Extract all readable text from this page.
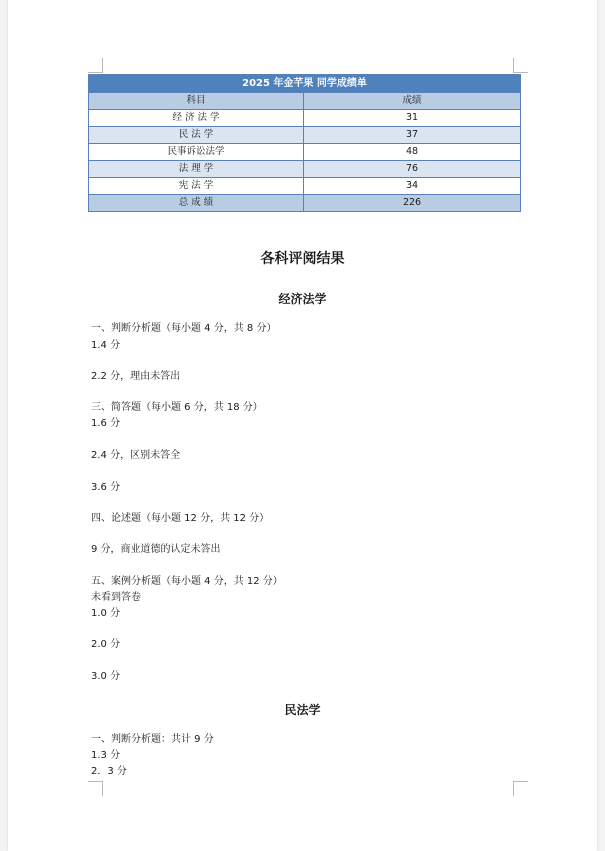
2025 年金芊果 同学成绩单	
科目	成绩
经 济 法 学	31
民 法 学	37
民事诉讼法学	48
法 理 学	76
宪 法 学	34
总 成 绩	226
各科评阅结果
经济法学
一、判断分析题（每小题 4 分，共 8 分）
1.4 分
2.2 分，理由未答出
三、简答题（每小题 6 分，共 18 分）
1.6 分
2.4 分，区别未答全
3.6 分
四、论述题（每小题 12 分，共 12 分）
9 分，商业道德的认定未答出
五、案例分析题（每小题 4 分，共 12 分）
未看到答卷
1.0 分
2.0 分
3.0 分
民法学
一、判断分析题：共计 9 分
1.3 分
2．3 分
